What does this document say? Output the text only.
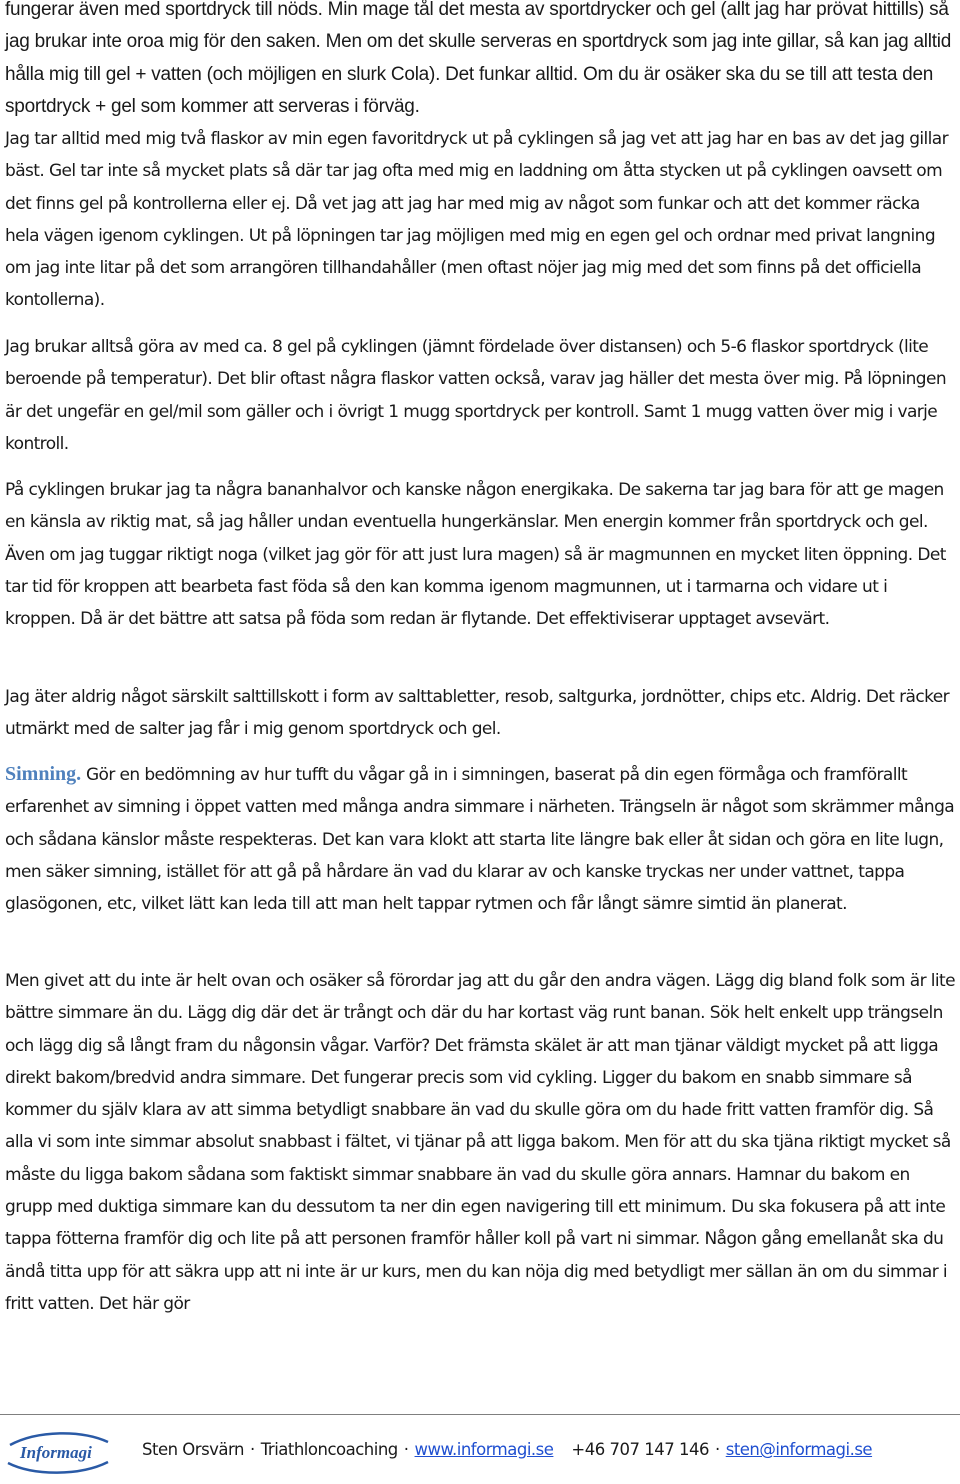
fungerar även med sportdryck till nöds. Min mage tål det mesta av sportdrycker och gel (allt jag har prövat hittills) så jag brukar inte oroa mig för den saken. Men om det skulle serveras en sportdryck som jag inte gillar, så kan jag alltid hålla mig till gel + vatten (och möjligen en slurk Cola). Det funkar alltid. Om du är osäker ska du se till att testa den sportdryck + gel som kommer att serveras i förväg.

Jag tar alltid med mig två flaskor av min egen favoritdryck ut på cyklingen så jag vet att jag har en bas av det jag gillar bäst. Gel tar inte så mycket plats så där tar jag ofta med mig en laddning om åtta stycken ut på cyklingen oavsett om det finns gel på kontrollerna eller ej. Då vet jag att jag har med mig av något som funkar och att det kommer räcka hela vägen igenom cyklingen. Ut på löpningen tar jag möjligen med mig en egen gel och ordnar med privat langning om jag inte litar på det som arrangören tillhandahåller (men oftast nöjer jag mig med det som finns på det officiella kontollerna).

Jag brukar alltså göra av med ca. 8 gel på cyklingen (jämnt fördelade över distansen) och 5-6 flaskor sportdryck (lite beroende på temperatur). Det blir oftast några flaskor vatten också, varav jag häller det mesta över mig. På löpningen är det ungefär en gel/mil som gäller och i övrigt 1 mugg sportdryck per kontroll. Samt 1 mugg vatten över mig i varje kontroll.

På cyklingen brukar jag ta några bananhalvor och kanske någon energikaka. De sakerna tar jag bara för att ge magen en känsla av riktig mat, så jag håller undan eventuella hungerkänslar. Men energin kommer från sportdryck och gel. Även om jag tuggar riktigt noga (vilket jag gör för att just lura magen) så är magmunnen en mycket liten öppning. Det tar tid för kroppen att bearbeta fast föda så den kan komma igenom magmunnen, ut i tarmarna och vidare ut i kroppen. Då är det bättre att satsa på föda som redan är flytande. Det effektiviserar upptaget avsevärt.

Jag äter aldrig något särskilt salttillskott i form av salttabletter, resob, saltgurka, jordnötter, chips etc. Aldrig. Det räcker utmärkt med de salter jag får i mig genom sportdryck och gel.

Simning. Gör en bedömning av hur tufft du vågar gå in i simningen, baserat på din egen förmåga och framförallt erfarenhet av simning i öppet vatten med många andra simmare i närheten. Trängseln är något som skrämmer många och sådana känslor måste respekteras. Det kan vara klokt att starta lite längre bak eller åt sidan och göra en lite lugn, men säker simning, istället för att gå på hårdare än vad du klarar av och kanske tryckas ner under vattnet, tappa glasögonen, etc, vilket lätt kan leda till att man helt tappar rytmen och får långt sämre simtid än planerat.

Men givet att du inte är helt ovan och osäker så förordar jag att du går den andra vägen. Lägg dig bland folk som är lite bättre simmare än du. Lägg dig där det är trångt och där du har kortast väg runt banan. Sök helt enkelt upp trängseln och lägg dig så långt fram du någonsin vågar. Varför? Det främsta skälet är att man tjänar väldigt mycket på att ligga direkt bakom/bredvid andra simmare. Det fungerar precis som vid cykling. Ligger du bakom en snabb simmare så kommer du själv klara av att simma betydligt snabbare än vad du skulle göra om du hade fritt vatten framför dig. Så alla vi som inte simmar absolut snabbast i fältet, vi tjänar på att ligga bakom. Men för att du ska tjäna riktigt mycket så måste du ligga bakom sådana som faktiskt simmar snabbare än vad du skulle göra annars. Hamnar du bakom en grupp med duktiga simmare kan du dessutom ta ner din egen navigering till ett minimum. Du ska fokusera på att inte tappa fötterna framför dig och lite på att personen framför håller koll på vart ni simmar. Någon gång emellanåt ska du ändå titta upp för att säkra upp att ni inte är ur kurs, men du kan nöja dig med betydligt mer sällan än om du simmar i fritt vatten. Det här gör

Informagi	Sten Orsvärn · Triathloncoaching · www.informagi.se +46 707 147 146 · sten@informagi.se
